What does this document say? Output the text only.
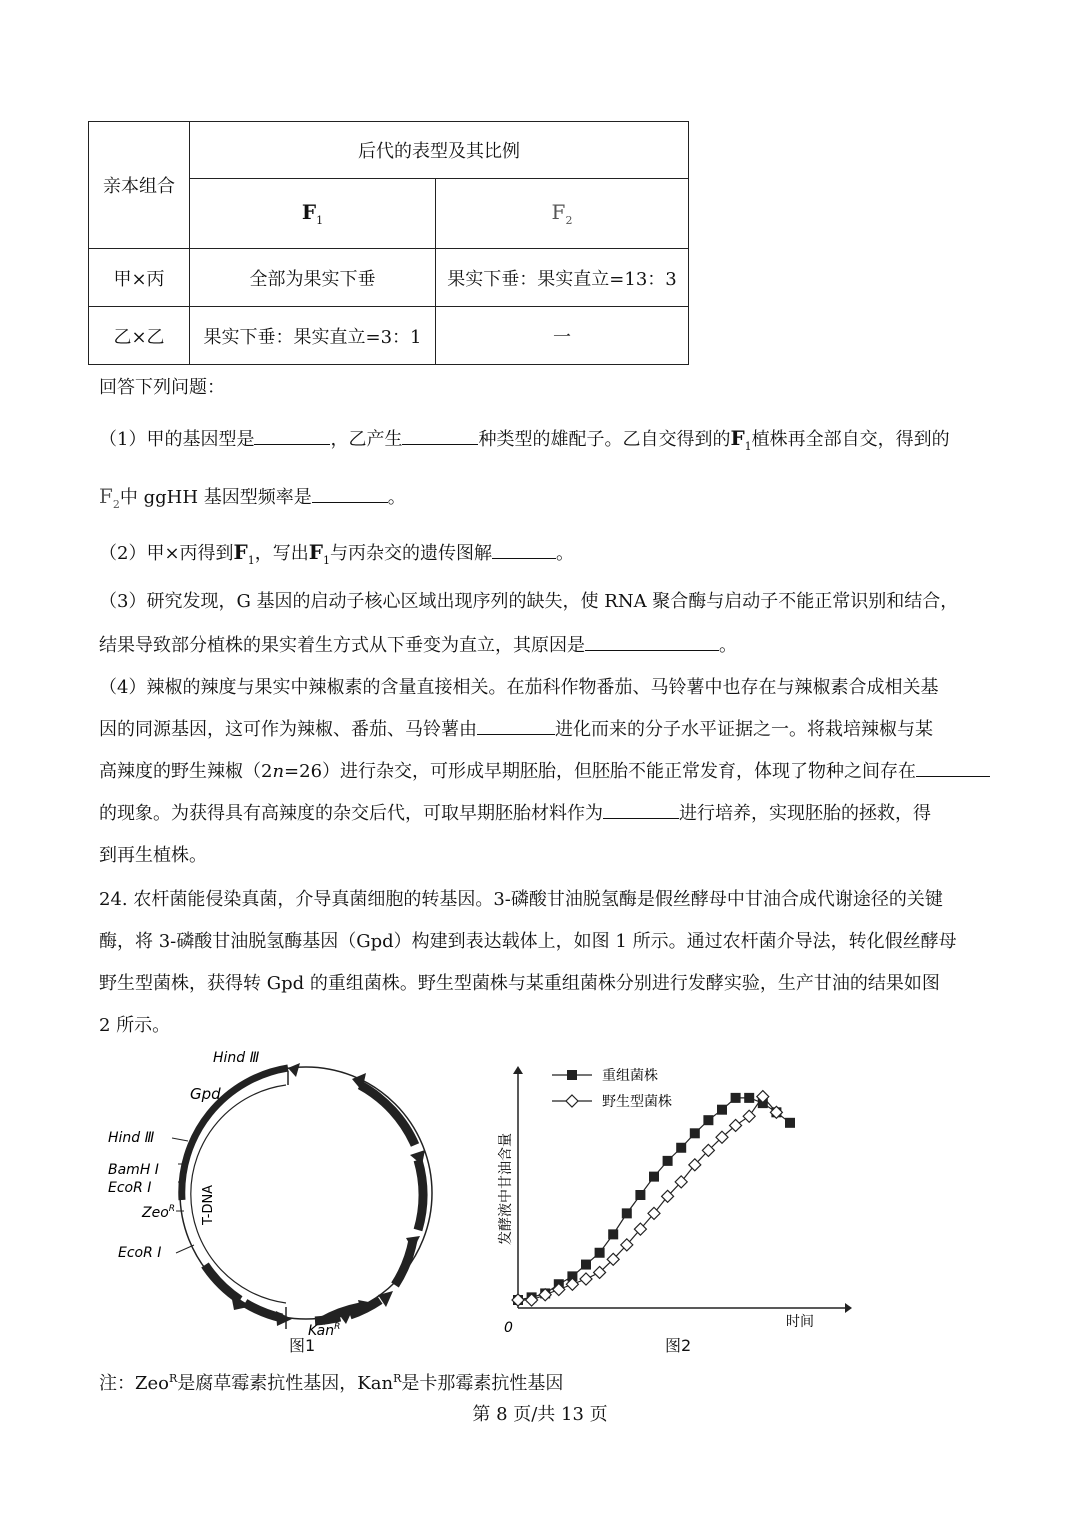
亲本组合	后代的表型及其比例	
	$F_1$	$F_2$
甲×丙	全部为果实下垂	果实下垂：果实直立=13：3
乙×乙	果实下垂：果实直立=3：1	一
回答下列问题：
（1）甲的基因型是	，乙产生	种类型的雄配子。乙自交得到的$F_1$植株再全部自交，得到的
$F_2$中 ggHH 基因型频率是	。
（2）甲×丙得到$F_1$，写出$F_1$与丙杂交的遗传图解	。
（3）研究发现，G 基因的启动子核心区域出现序列的缺失，使 RNA 聚合酶与启动子不能正常识别和结合，
结果导致部分植株的果实着生方式从下垂变为直立，其原因是	。
（4）辣椒的辣度与果实中辣椒素的含量直接相关。在茄科作物番茄、马铃薯中也存在与辣椒素合成相关基
因的同源基因，这可作为辣椒、番茄、马铃薯由	进化而来的分子水平证据之一。将栽培辣椒与某
高辣度的野生辣椒（2n=26）进行杂交，可形成早期胚胎，但胚胎不能正常发育，体现了物种之间存在
的现象。为获得具有高辣度的杂交后代，可取早期胚胎材料作为	进行培养，实现胚胎的拯救，得
到再生植株。
24. 农杆菌能侵染真菌，介导真菌细胞的转基因。3-磷酸甘油脱氢酶是假丝酵母中甘油合成代谢途径的关键
酶，将 3-磷酸甘油脱氢酶基因（Gpd）构建到表达载体上，如图 1 所示。通过农杆菌介导法，转化假丝酵母
野生型菌株，获得转 Gpd 的重组菌株。野生型菌株与某重组菌株分别进行发酵实验，生产甘油的结果如图
2 所示。
Hind Ⅲ
Gpd
Hind Ⅲ
BamH Ⅰ
EcoR Ⅰ
Zeo$^R$
EcoR Ⅰ
T-DNA
Kan$^R$
图1
0	时间
发酵液中甘油含量
重组菌株
野生型菌株
图2
注：Zeo$^R$是腐草霉素抗性基因，Kan$^R$是卡那霉素抗性基因
第 8 页/共 13 页
